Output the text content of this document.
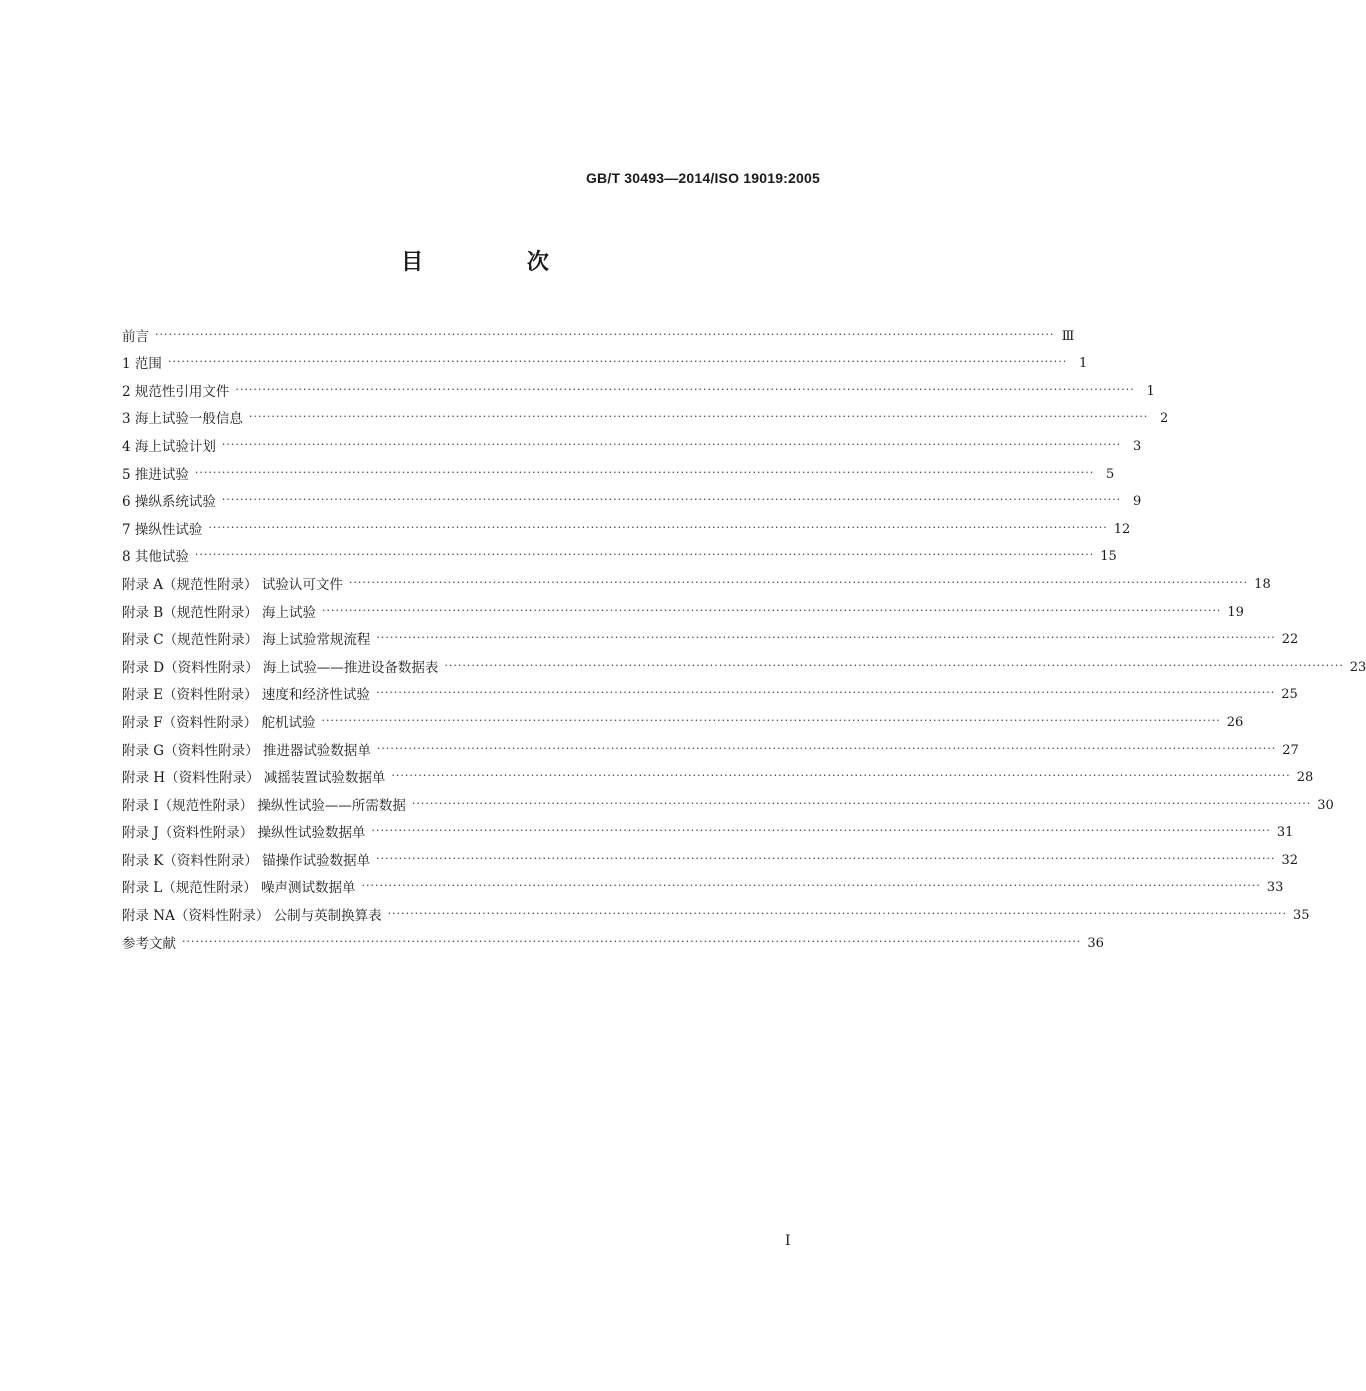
GB/T 30493—2014/ISO 19019:2005
目 次
前言 ········································································································································································································ Ⅲ
1 范围 ········································································································································································································ 1
2 规范性引用文件 ········································································································································································································ 1
3 海上试验一般信息 ········································································································································································································ 2
4 海上试验计划 ········································································································································································································ 3
5 推进试验 ········································································································································································································ 5
6 操纵系统试验 ········································································································································································································ 9
7 操纵性试验 ········································································································································································································ 12
8 其他试验 ········································································································································································································ 15
附录 A（规范性附录） 试验认可文件 ········································································································································································································ 18
附录 B（规范性附录） 海上试验 ········································································································································································································ 19
附录 C（规范性附录） 海上试验常规流程 ········································································································································································································ 22
附录 D（资料性附录） 海上试验——推进设备数据表 ········································································································································································································ 23
附录 E（资料性附录） 速度和经济性试验 ········································································································································································································ 25
附录 F（资料性附录） 舵机试验 ········································································································································································································ 26
附录 G（资料性附录） 推进器试验数据单 ········································································································································································································ 27
附录 H（资料性附录） 减摇装置试验数据单 ········································································································································································································ 28
附录 I（规范性附录） 操纵性试验——所需数据 ········································································································································································································ 30
附录 J（资料性附录） 操纵性试验数据单 ········································································································································································································ 31
附录 K（资料性附录） 锚操作试验数据单 ········································································································································································································ 32
附录 L（规范性附录） 噪声测试数据单 ········································································································································································································ 33
附录 NA（资料性附录） 公制与英制换算表 ········································································································································································································ 35
参考文献 ········································································································································································································ 36
I
